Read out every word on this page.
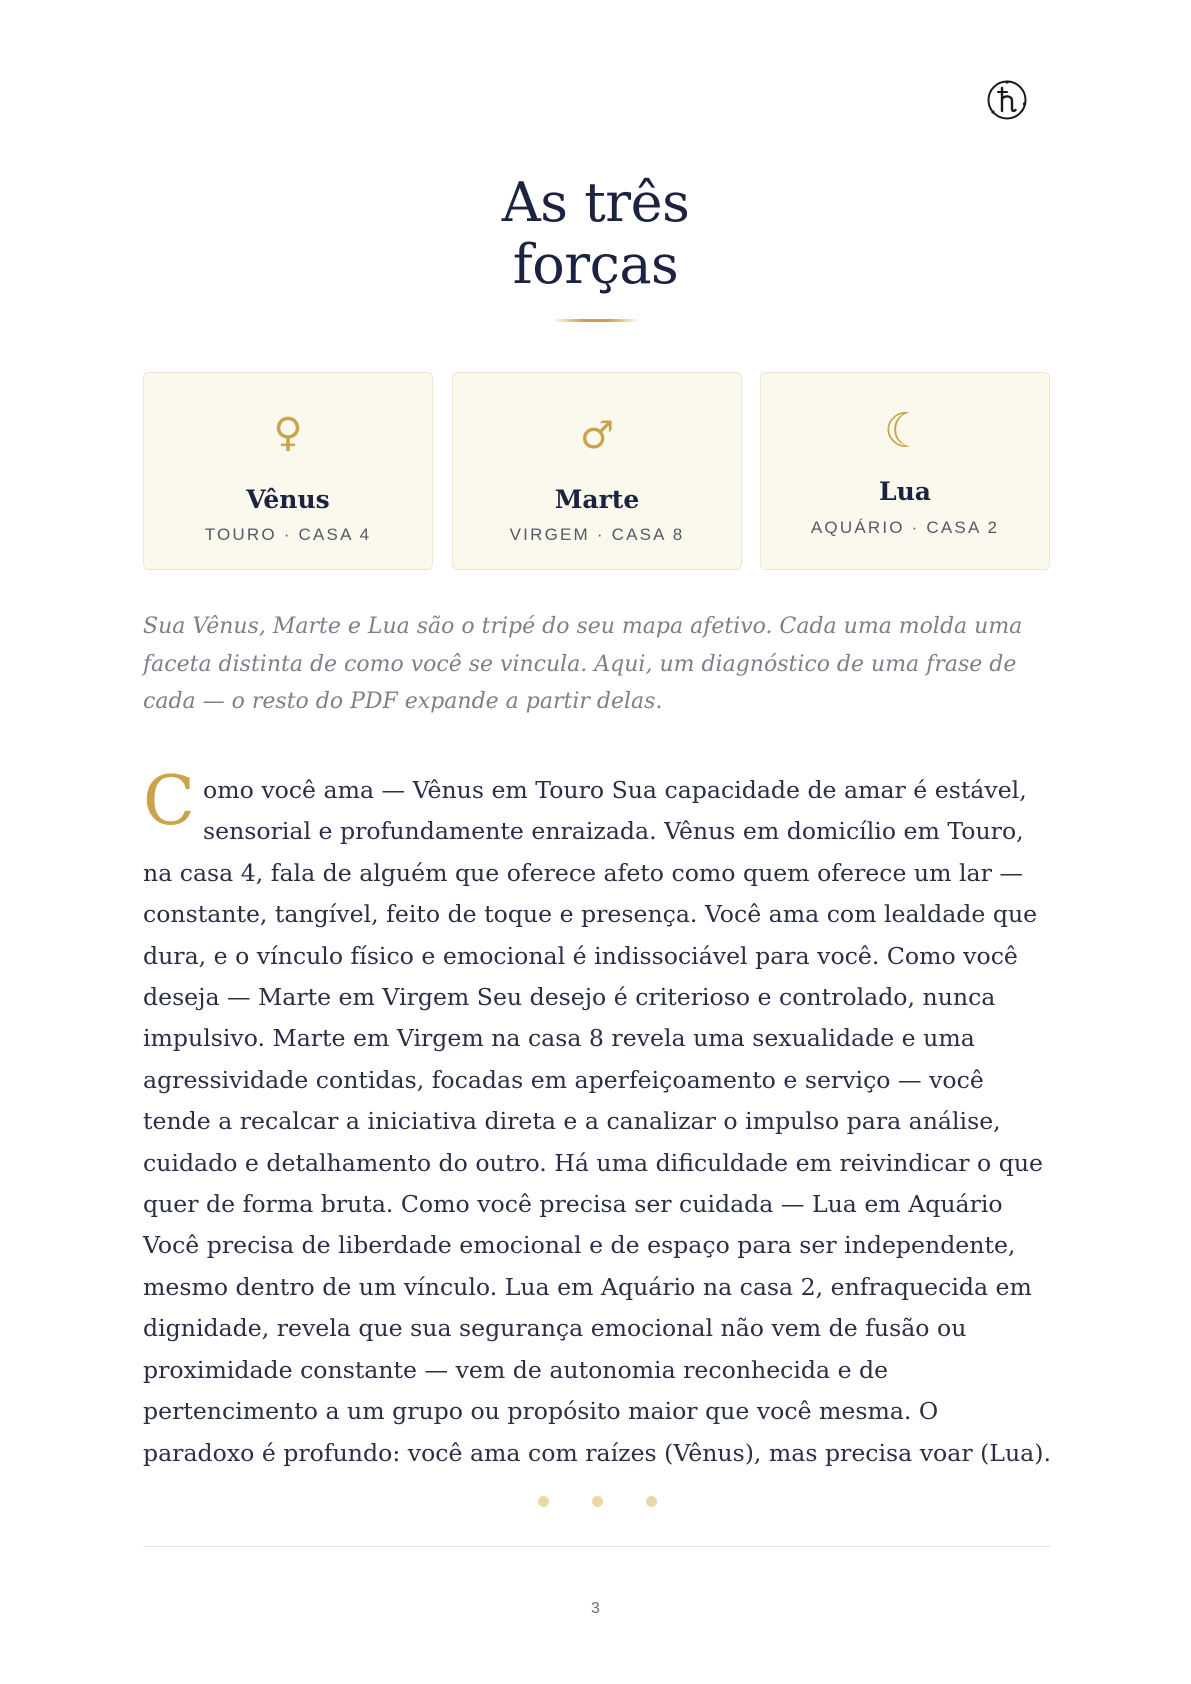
As três
forças
♀
Vênus
TOURO · CASA 4
♂
Marte
VIRGEM · CASA 8
☾
Lua
AQUÁRIO · CASA 2

Sua Vênus, Marte e Lua são o tripé do seu mapa afetivo. Cada uma molda uma faceta distinta de como você se vincula. Aqui, um diagnóstico de uma frase de cada — o resto do PDF expande a partir delas.

Como você ama — Vênus em Touro Sua capacidade de amar é estável, sensorial e profundamente enraizada. Vênus em domicílio em Touro, na casa 4, fala de alguém que oferece afeto como quem oferece um lar — constante, tangível, feito de toque e presença. Você ama com lealdade que dura, e o vínculo físico e emocional é indissociável para você. Como você deseja — Marte em Virgem Seu desejo é criterioso e controlado, nunca impulsivo. Marte em Virgem na casa 8 revela uma sexualidade e uma agressividade contidas, focadas em aperfeiçoamento e serviço — você tende a recalcar a iniciativa direta e a canalizar o impulso para análise, cuidado e detalhamento do outro. Há uma dificuldade em reivindicar o que quer de forma bruta. Como você precisa ser cuidada — Lua em Aquário Você precisa de liberdade emocional e de espaço para ser independente, mesmo dentro de um vínculo. Lua em Aquário na casa 2, enfraquecida em dignidade, revela que sua segurança emocional não vem de fusão ou proximidade constante — vem de autonomia reconhecida e de pertencimento a um grupo ou propósito maior que você mesma. O paradoxo é profundo: você ama com raízes (Vênus), mas precisa voar (Lua).

3
